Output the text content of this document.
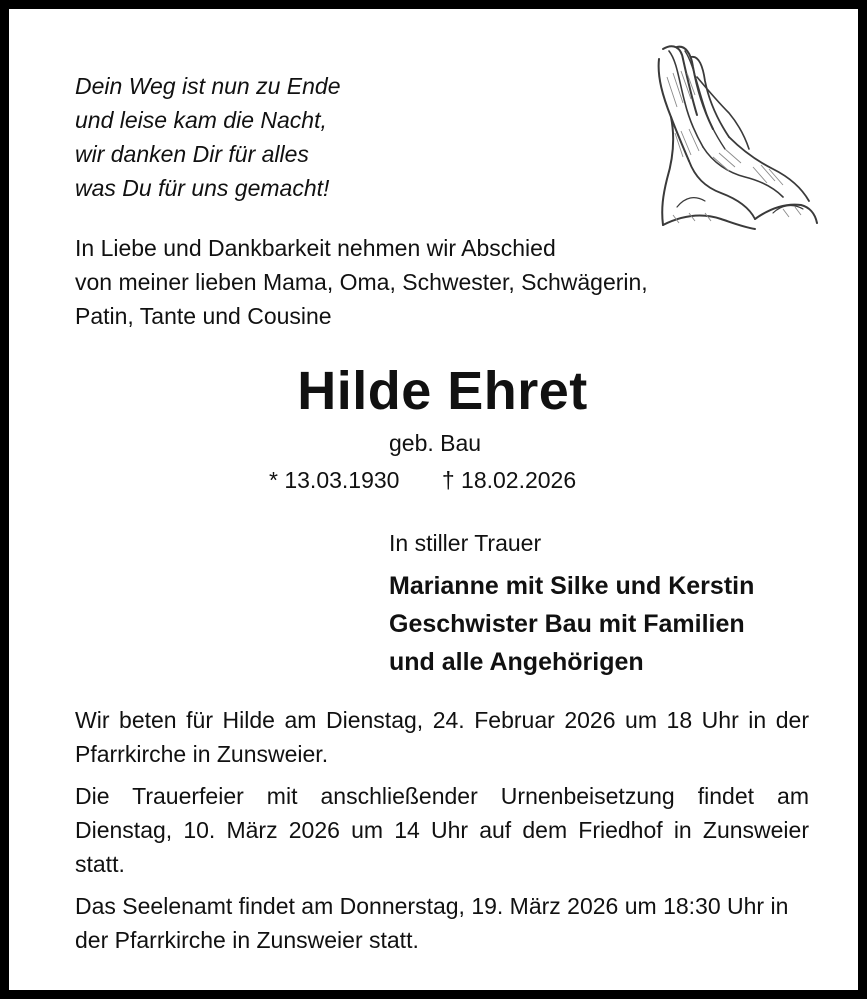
Dein Weg ist nun zu Ende
und leise kam die Nacht,
wir danken Dir für alles
was Du für uns gemacht!
In Liebe und Dankbarkeit nehmen wir Abschied
von meiner lieben Mama, Oma, Schwester, Schwägerin,
Patin, Tante und Cousine
Hilde Ehret
geb. Bau
* 13.03.1930 † 18.02.2026
In stiller Trauer
Marianne mit Silke und Kerstin
Geschwister Bau mit Familien
und alle Angehörigen
Wir beten für Hilde am Dienstag, 24. Februar 2026 um 18 Uhr in der Pfarrkirche in Zunsweier.
Die Trauerfeier mit anschließender Urnenbeisetzung findet am Dienstag, 10. März 2026 um 14 Uhr auf dem Friedhof in Zunsweier statt.
Das Seelenamt findet am Donnerstag, 19. März 2026 um 18:30 Uhr in der Pfarrkirche in Zunsweier statt.
